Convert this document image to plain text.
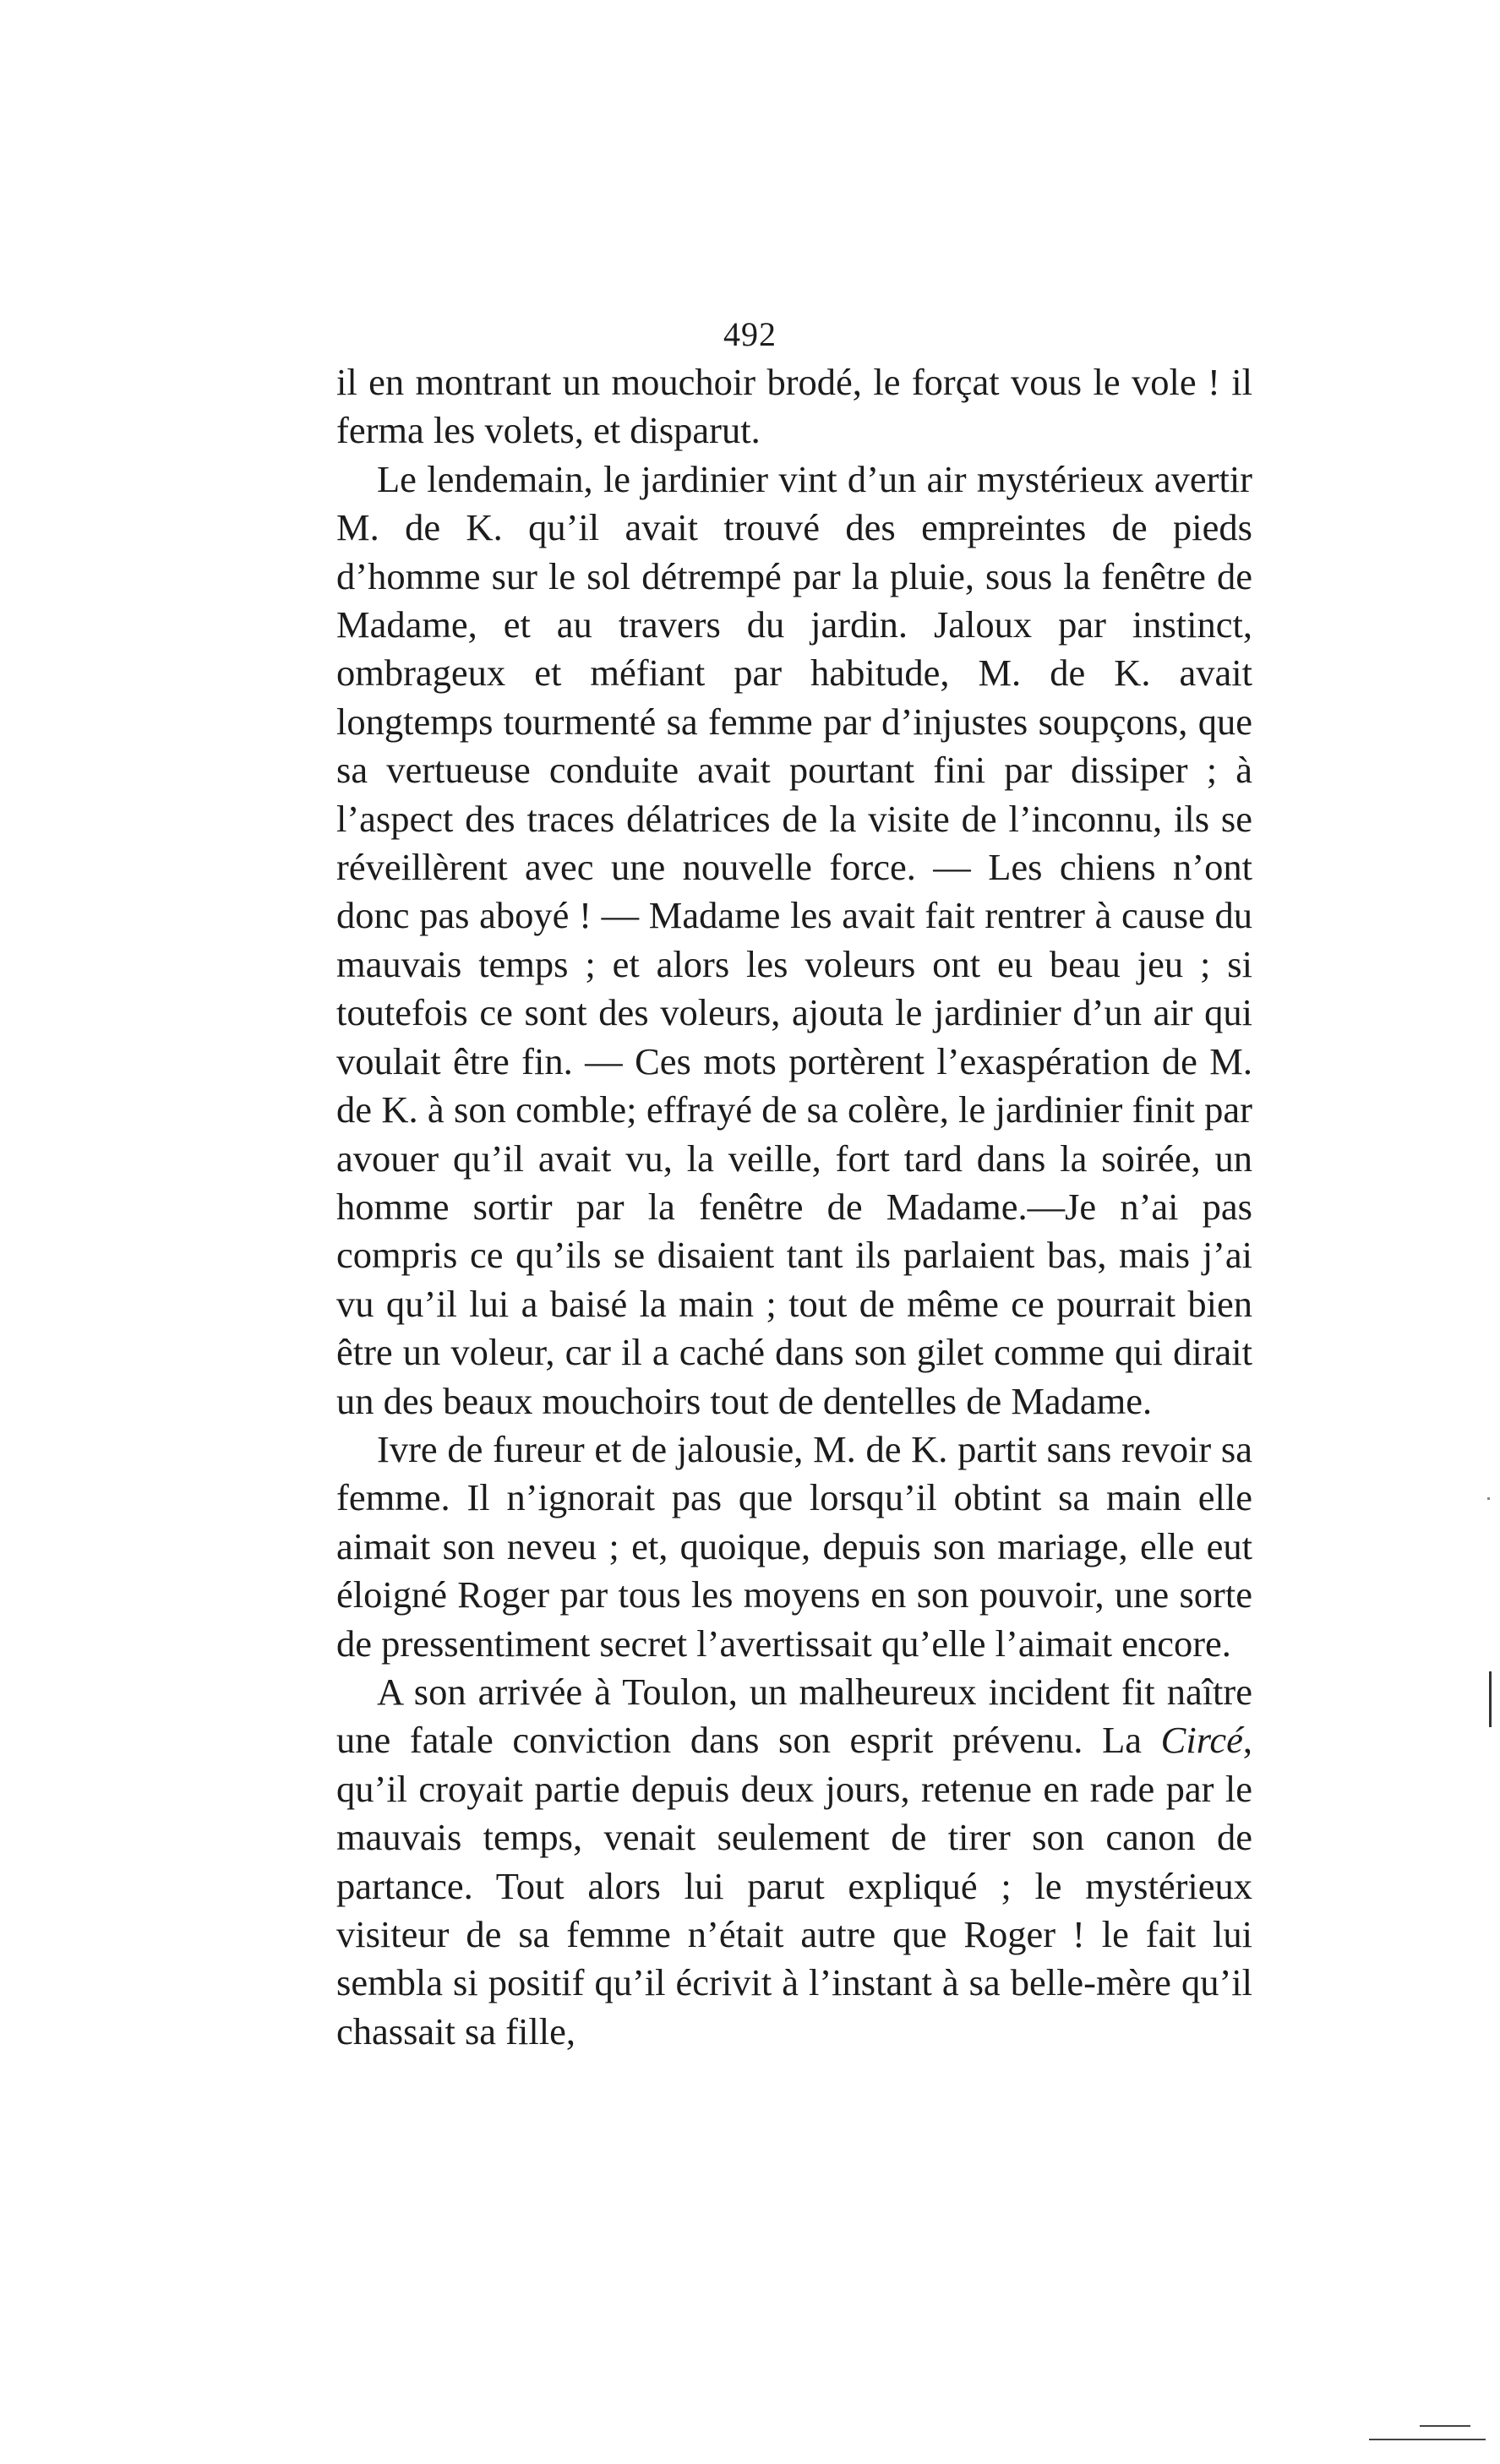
492

il en montrant un mouchoir brodé, le forçat vous le vole ! il ferma les volets, et disparut.

Le lendemain, le jardinier vint d’un air mystérieux avertir M. de K. qu’il avait trouvé des empreintes de pieds d’homme sur le sol détrempé par la pluie, sous la fenêtre de Madame, et au travers du jardin. Jaloux par instinct, ombrageux et méfiant par habitude, M. de K. avait longtemps tourmenté sa femme par d’injustes soupçons, que sa vertueuse conduite avait pourtant fini par dissiper ; à l’aspect des traces délatrices de la visite de l’inconnu, ils se réveillèrent avec une nouvelle force. — Les chiens n’ont donc pas aboyé ! — Madame les avait fait rentrer à cause du mauvais temps ; et alors les voleurs ont eu beau jeu ; si toutefois ce sont des voleurs, ajouta le jardinier d’un air qui voulait être fin. — Ces mots portèrent l’exaspération de M. de K. à son comble; effrayé de sa colère, le jardinier finit par avouer qu’il avait vu, la veille, fort tard dans la soirée, un homme sortir par la fenêtre de Madame.—Je n’ai pas compris ce qu’ils se disaient tant ils parlaient bas, mais j’ai vu qu’il lui a baisé la main ; tout de même ce pourrait bien être un voleur, car il a caché dans son gilet comme qui dirait un des beaux mouchoirs tout de dentelles de Madame.

Ivre de fureur et de jalousie, M. de K. partit sans revoir sa femme. Il n’ignorait pas que lorsqu’il obtint sa main elle aimait son neveu ; et, quoique, depuis son mariage, elle eut éloigné Roger par tous les moyens en son pouvoir, une sorte de pressentiment secret l’avertissait qu’elle l’aimait encore.

A son arrivée à Toulon, un malheureux incident fit naître une fatale conviction dans son esprit prévenu. La Circé, qu’il croyait partie depuis deux jours, retenue en rade par le mauvais temps, venait seulement de tirer son canon de partance. Tout alors lui parut expliqué ; le mystérieux visiteur de sa femme n’était autre que Roger ! le fait lui sembla si positif qu’il écrivit à l’instant à sa belle-mère qu’il chassait sa fille,
